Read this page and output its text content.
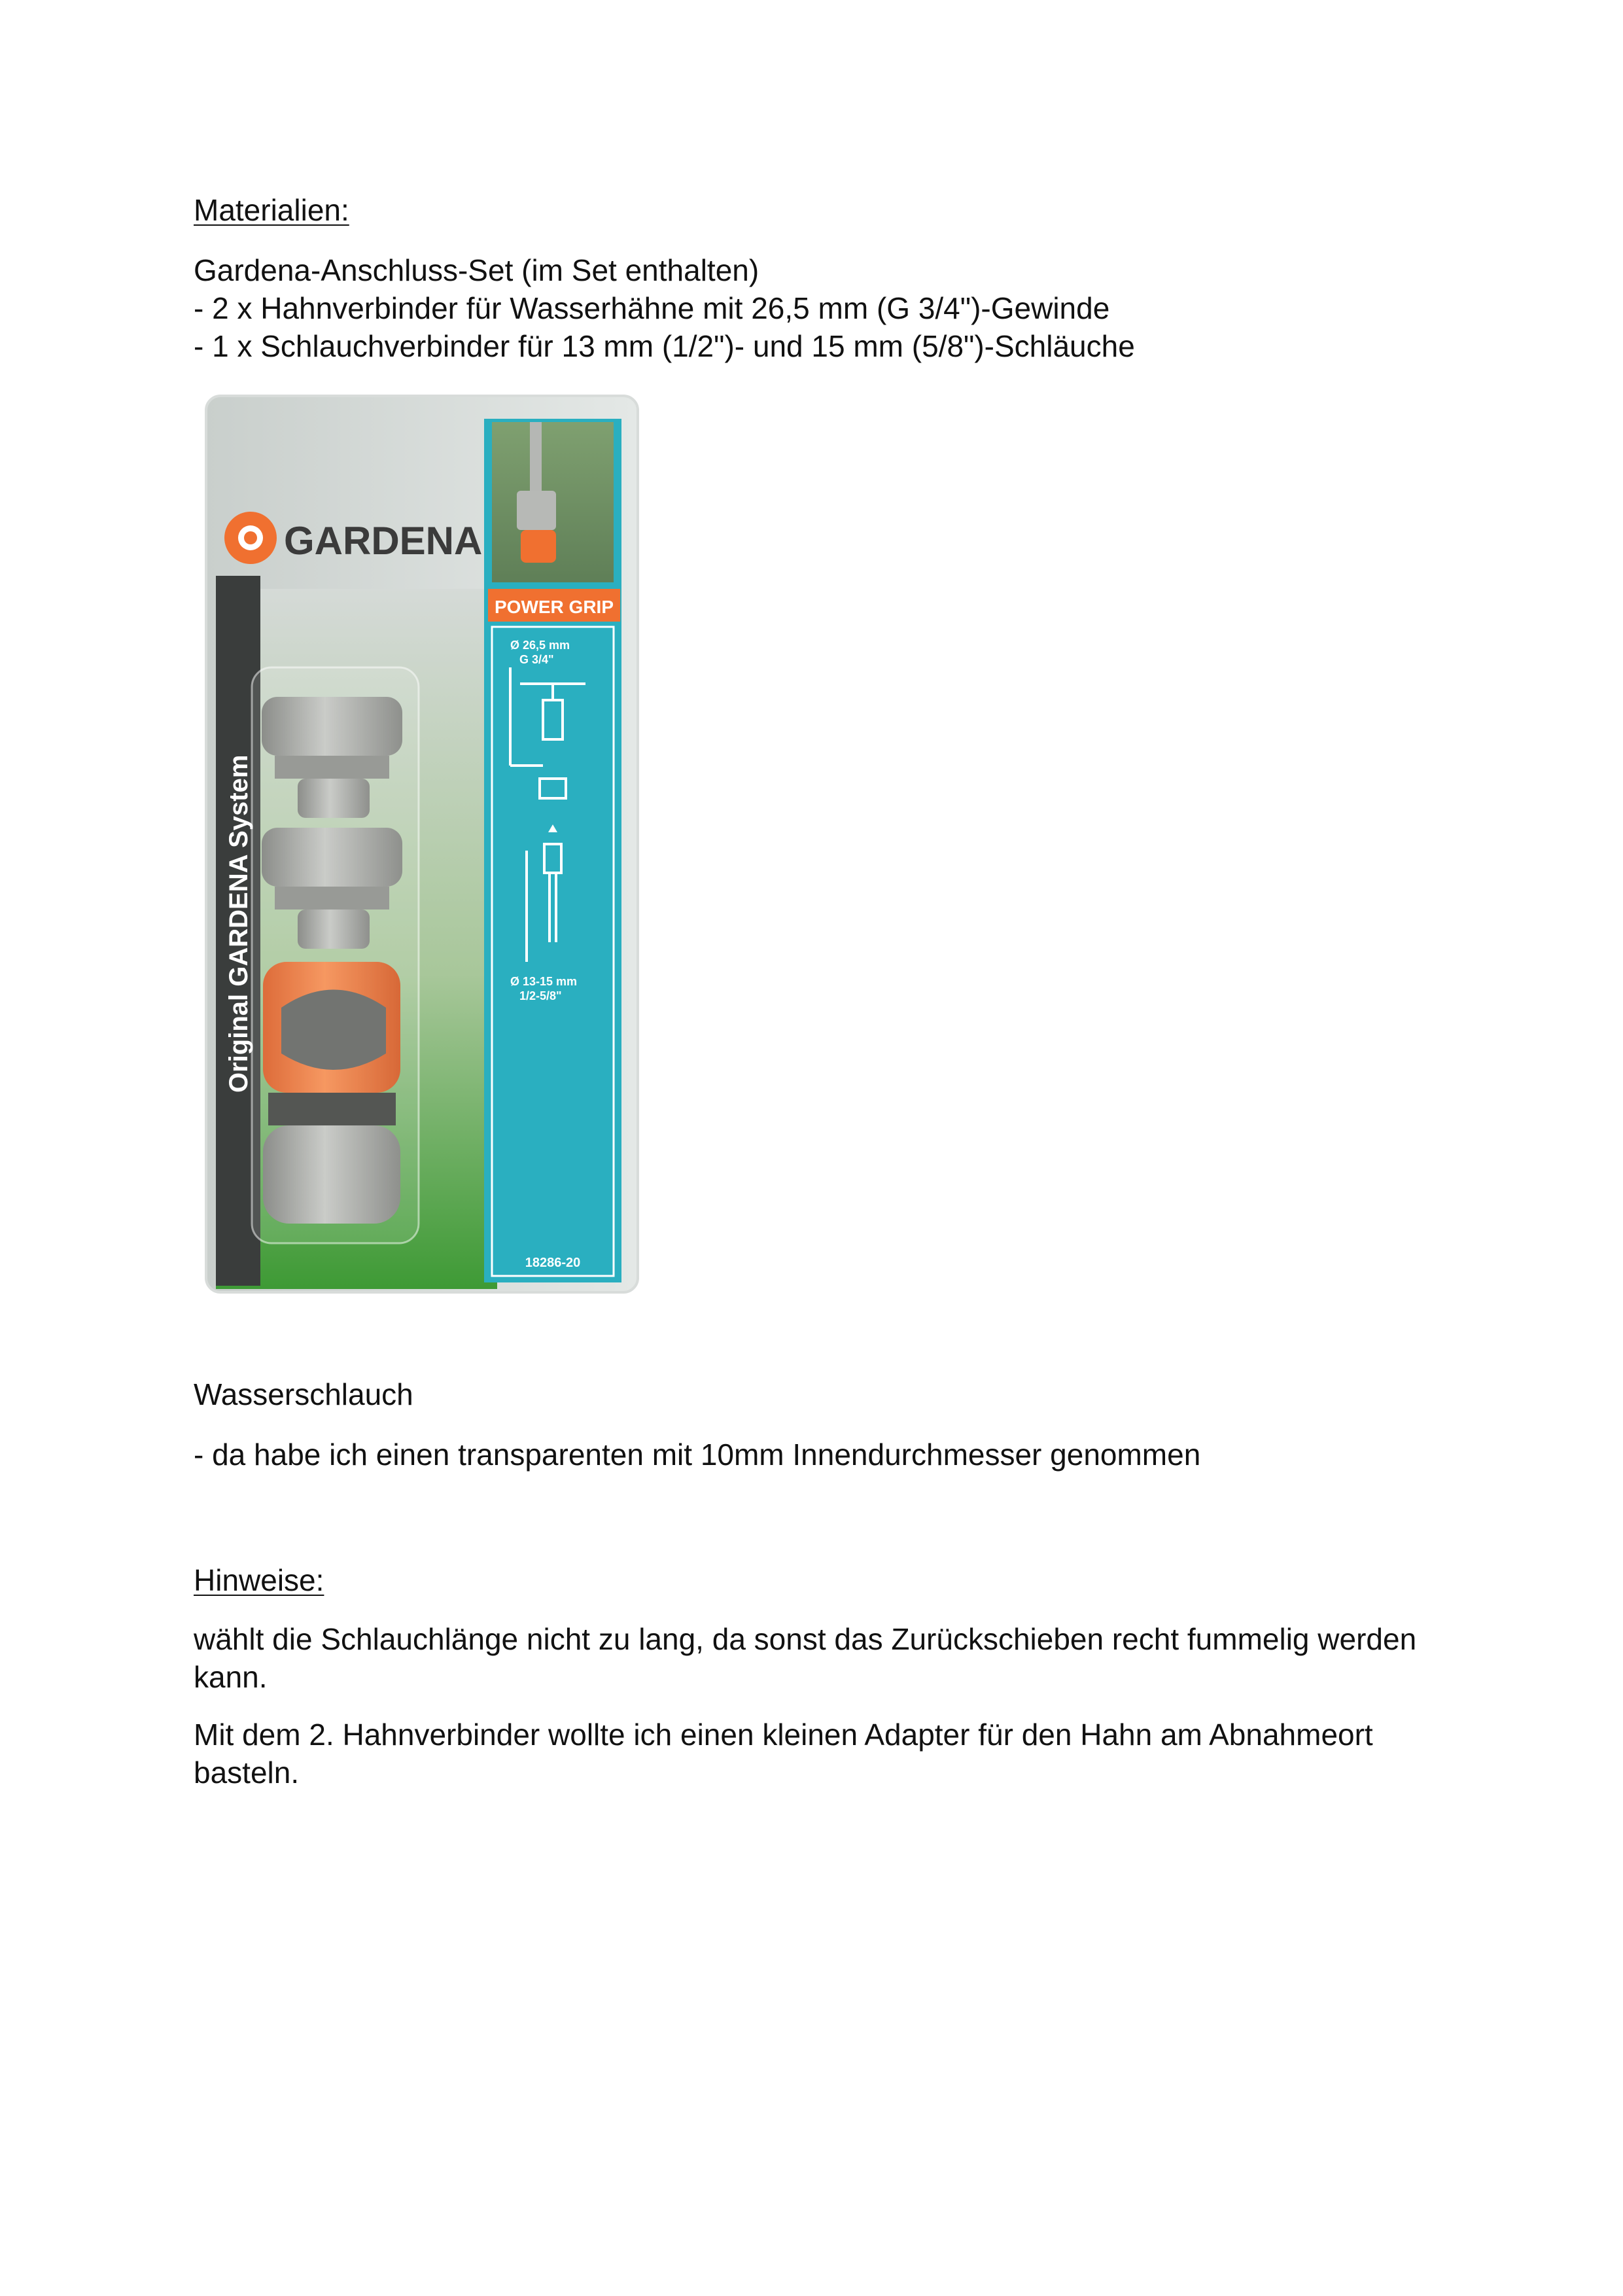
Materialien:

Gardena-Anschluss-Set (im Set enthalten)

- 2 x Hahnverbinder für Wasserhähne mit 26,5 mm (G 3/4")-Gewinde

- 1 x Schlauchverbinder für 13 mm (1/2")- und 15 mm (5/8")-Schläuche

Original GARDENA System
GARDENA
POWER GRIP
Ø 26,5 mm
G 3/4"
Ø 13-15 mm
1/2-5/8"
18286-20

Wasserschlauch

- da habe ich einen transparenten mit 10mm Innendurchmesser genommen

Hinweise:

wählt die Schlauchlänge nicht zu lang, da sonst das Zurückschieben recht fummelig werden kann.

Mit dem 2. Hahnverbinder wollte ich einen kleinen Adapter für den Hahn am Abnahmeort basteln.
